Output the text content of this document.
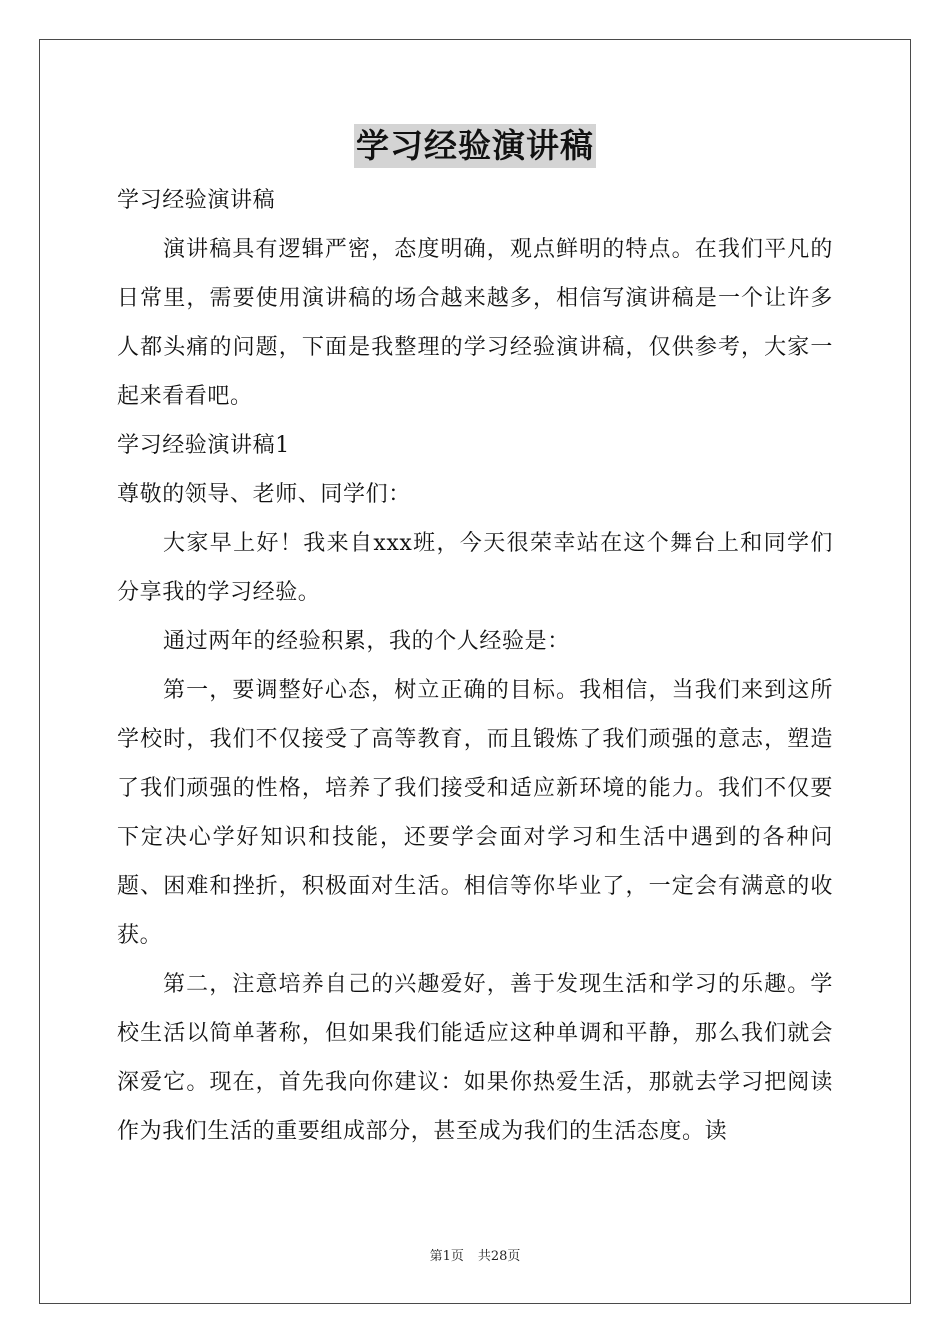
学习经验演讲稿

学习经验演讲稿

演讲稿具有逻辑严密，态度明确，观点鲜明的特点。在我们平凡的日常里，需要使用演讲稿的场合越来越多，相信写演讲稿是一个让许多人都头痛的问题，下面是我整理的学习经验演讲稿，仅供参考，大家一起来看看吧。

学习经验演讲稿1

尊敬的领导、老师、同学们：

大家早上好！我来自xxx班，今天很荣幸站在这个舞台上和同学们分享我的学习经验。

通过两年的经验积累，我的个人经验是：

第一，要调整好心态，树立正确的目标。我相信，当我们来到这所学校时，我们不仅接受了高等教育，而且锻炼了我们顽强的意志，塑造了我们顽强的性格，培养了我们接受和适应新环境的能力。我们不仅要下定决心学好知识和技能，还要学会面对学习和生活中遇到的各种问题、困难和挫折，积极面对生活。相信等你毕业了，一定会有满意的收获。

第二，注意培养自己的兴趣爱好，善于发现生活和学习的乐趣。学校生活以简单著称，但如果我们能适应这种单调和平静，那么我们就会深爱它。现在，首先我向你建议：如果你热爱生活，那就去学习把阅读作为我们生活的重要组成部分，甚至成为我们的生活态度。读

第1页 共28页
